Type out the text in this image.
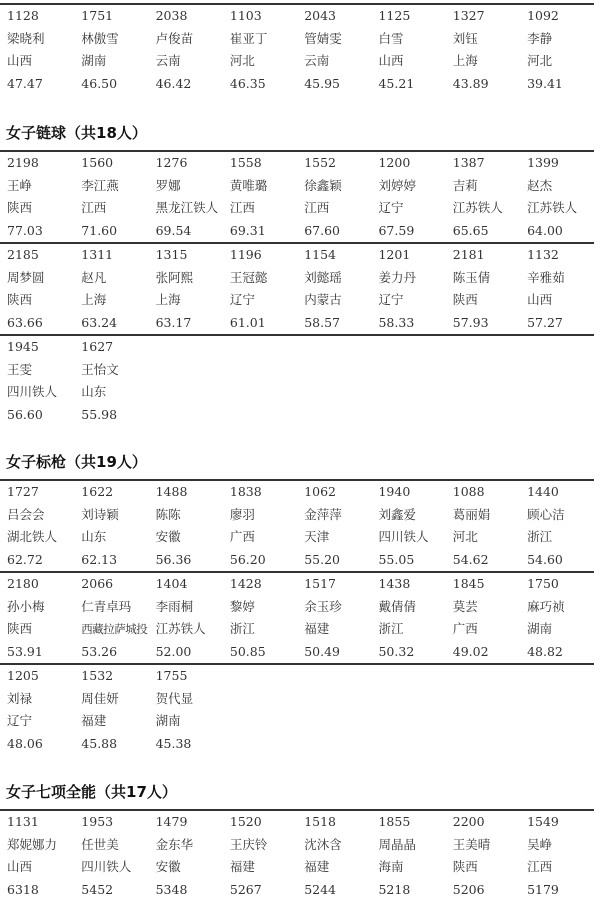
1128	1751	2038	1103	2043	1125	1327	1092
梁晓利	林傲雪	卢俊苗	崔亚丁	管婧雯	白雪	刘钰	李静
山西	湖南	云南	河北	云南	山西	上海	河北
47.47	46.50	46.42	46.35	45.95	45.21	43.89	39.41
女子链球（共18人）
2198	1560	1276	1558	1552	1200	1387	1399
王峥	李江燕	罗娜	黄唯璐	徐鑫颖	刘婷婷	吉莉	赵杰
陕西	江西	黑龙江铁人 江西	江西	辽宁	江苏铁人	江苏铁人
77.03	71.60	69.54	69.31	67.60	67.59	65.65	64.00
2185	1311	1315	1196	1154	1201	2181	1132
周梦圆	赵凡	张阿熙	王冠懿	刘懿瑶	姜力丹	陈玉倩	辛雅茹
陕西	上海	上海	辽宁	内蒙古	辽宁	陕西	山西
63.66	63.24	63.17	61.01	58.57	58.33	57.93	57.27
1945	1627
王雯	王怡文
四川铁人	山东
56.60	55.98
女子标枪（共19人）
1727	1622	1488	1838	1062	1940	1088	1440
吕会会	刘诗颖	陈陈	廖羽	金萍萍	刘鑫爱	葛丽娟	顾心洁
湖北铁人	山东	安徽	广西	天津	四川铁人	河北	浙江
62.72	62.13	56.36	56.20	55.20	55.05	54.62	54.60
2180	2066	1404	1428	1517	1438	1845	1750
孙小梅	仁青卓玛	李雨桐	黎婷	余玉珍	戴倩倩	莫芸	麻巧祯
陕西	西藏拉萨城投 江苏铁人	浙江	福建	浙江	广西	湖南
53.91	53.26	52.00	50.85	50.49	50.32	49.02	48.82
1205	1532	1755
刘禄	周佳妍	贺代显
辽宁	福建	湖南
48.06	45.88	45.38
女子七项全能（共17人）
1131	1953	1479	1520	1518	1855	2200	1549
郑妮娜力	任世美	金东华	王庆铃	沈沐含	周晶晶	王美晴	吴峥
山西	四川铁人	安徽	福建	福建	海南	陕西	江西
6318	5452	5348	5267	5244	5218	5206	5179
